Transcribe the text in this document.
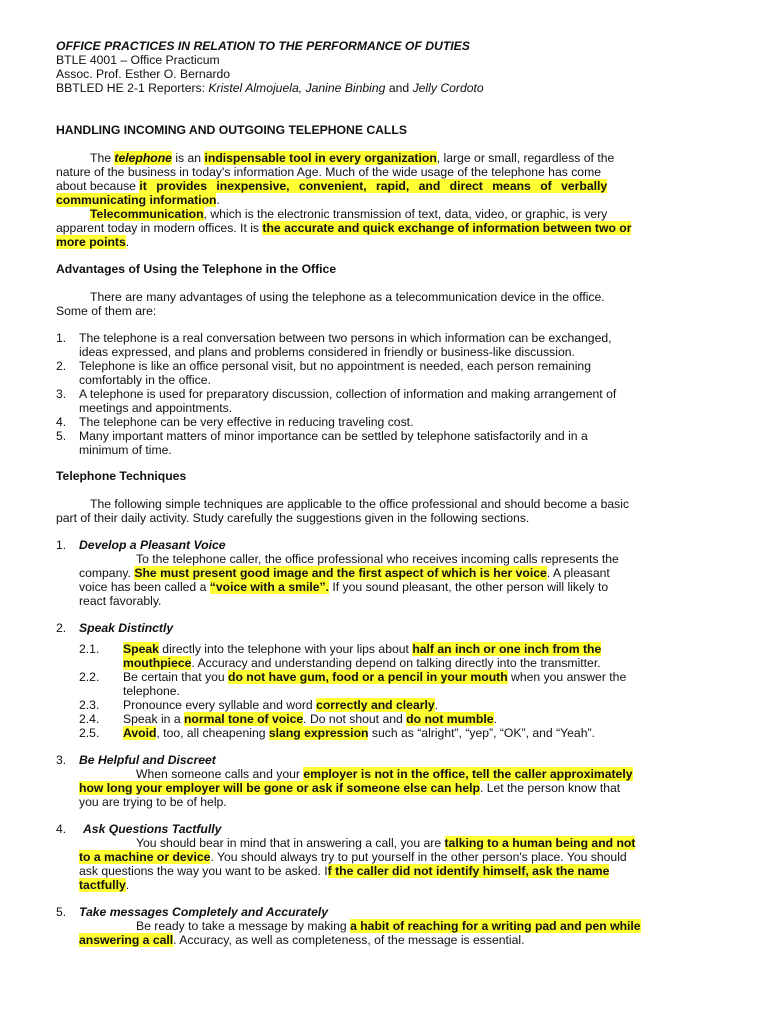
OFFICE PRACTICES IN RELATION TO THE PERFORMANCE OF DUTIES
BTLE 4001 – Office Practicum
Assoc. Prof. Esther O. Bernardo
BBTLED HE 2-1 Reporters: Kristel Almojuela, Janine Binbing and Jelly Cordoto
HANDLING INCOMING AND OUTGOING TELEPHONE CALLS
The telephone is an indispensable tool in every organization, large or small, regardless of the
nature of the business in today's information Age. Much of the wide usage of the telephone has come
about because it provides inexpensive, convenient, rapid, and direct means of verbally
communicating information.
Telecommunication, which is the electronic transmission of text, data, video, or graphic, is very
apparent today in modern offices. It is the accurate and quick exchange of information between two or
more points.
Advantages of Using the Telephone in the Office
There are many advantages of using the telephone as a telecommunication device in the office.
Some of them are:
1. The telephone is a real conversation between two persons in which information can be exchanged,
ideas expressed, and plans and problems considered in friendly or business-like discussion.
2. Telephone is like an office personal visit, but no appointment is needed, each person remaining
comfortably in the office.
3. A telephone is used for preparatory discussion, collection of information and making arrangement of
meetings and appointments.
4. The telephone can be very effective in reducing traveling cost.
5. Many important matters of minor importance can be settled by telephone satisfactorily and in a
minimum of time.
Telephone Techniques
The following simple techniques are applicable to the office professional and should become a basic
part of their daily activity. Study carefully the suggestions given in the following sections.
1. Develop a Pleasant Voice
To the telephone caller, the office professional who receives incoming calls represents the
company. She must present good image and the first aspect of which is her voice. A pleasant
voice has been called a “voice with a smile”. If you sound pleasant, the other person will likely to
react favorably.
2. Speak Distinctly
2.1. Speak directly into the telephone with your lips about half an inch or one inch from the
mouthpiece. Accuracy and understanding depend on talking directly into the transmitter.
2.2. Be certain that you do not have gum, food or a pencil in your mouth when you answer the
telephone.
2.3. Pronounce every syllable and word correctly and clearly.
2.4. Speak in a normal tone of voice. Do not shout and do not mumble.
2.5. Avoid, too, all cheapening slang expression such as “alright”, “yep”, “OK”, and “Yeah”.
3. Be Helpful and Discreet
When someone calls and your employer is not in the office, tell the caller approximately
how long your employer will be gone or ask if someone else can help. Let the person know that
you are trying to be of help.
4. Ask Questions Tactfully
You should bear in mind that in answering a call, you are talking to a human being and not
to a machine or device. You should always try to put yourself in the other person's place. You should
ask questions the way you want to be asked. If the caller did not identify himself, ask the name
tactfully.
5. Take messages Completely and Accurately
Be ready to take a message by making a habit of reaching for a writing pad and pen while
answering a call. Accuracy, as well as completeness, of the message is essential.
